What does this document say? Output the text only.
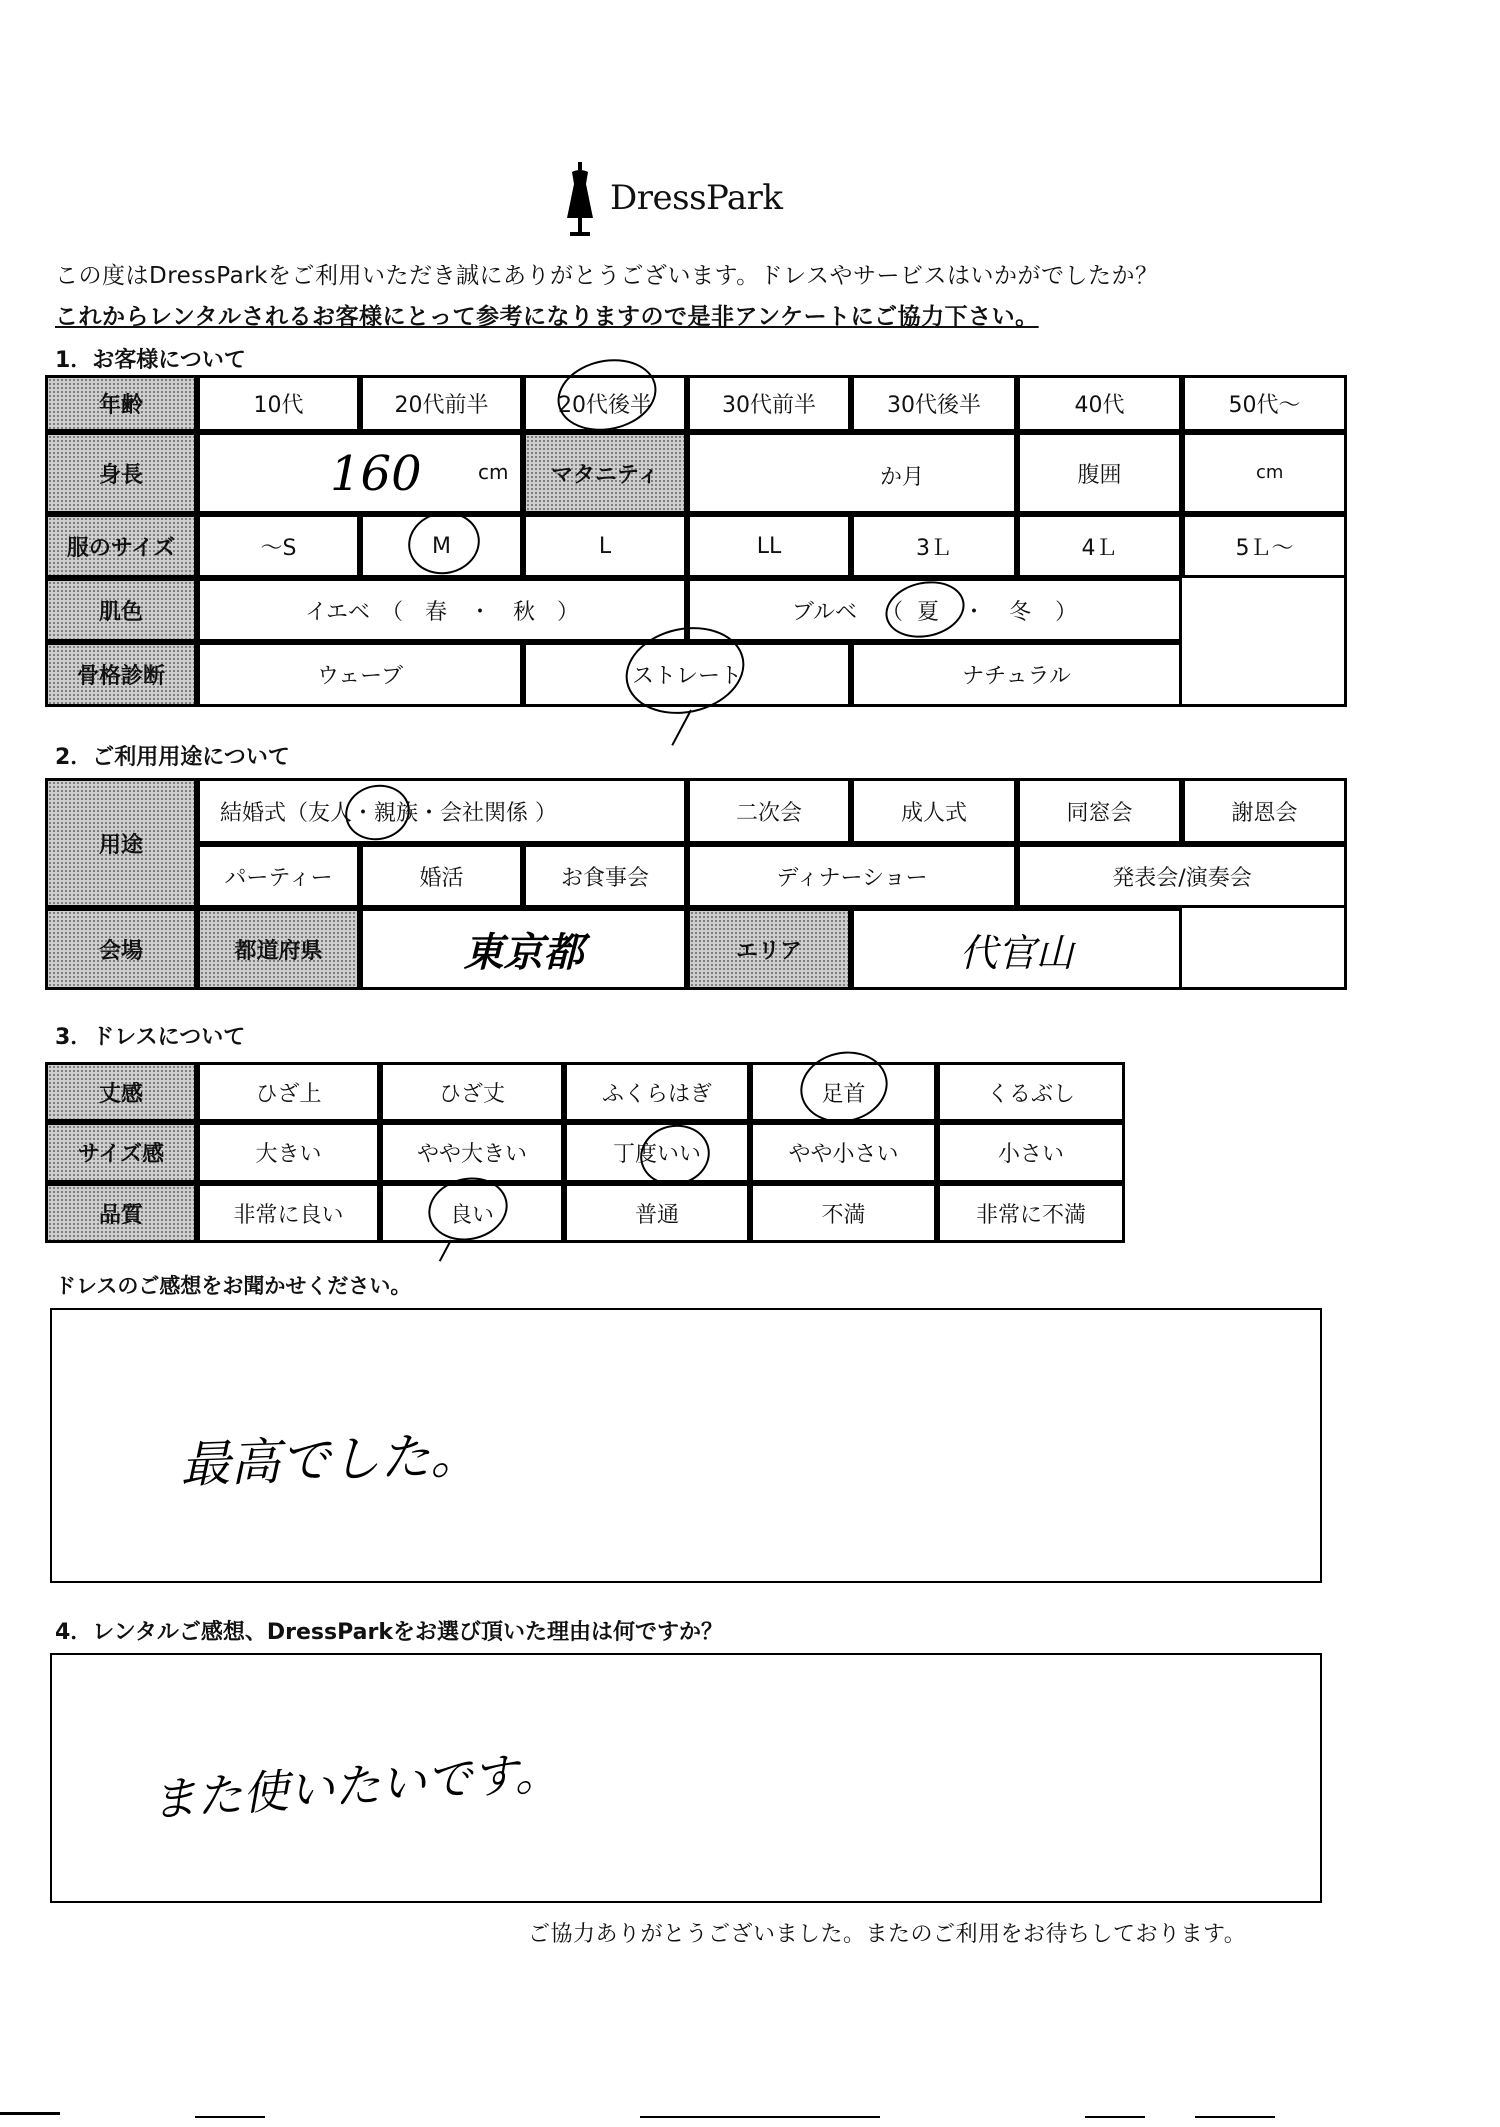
DressPark
この度はDressParkをご利用いただき誠にありがとうございます。ドレスやサービスはいかがでしたか？
これからレンタルされるお客様にとって参考になりますので是非アンケートにご協力下さい。
1．お客様について
年齢	10代	20代前半	20代後半	30代前半	30代後半	40代	50代～
身長	160	cm	マタニティ	か月	腹囲	cm
服のサイズ	～S	M	L	LL	3Ｌ	4Ｌ	5Ｌ～
肌色	イエベ　（　春　・　秋　）	ブルベ （ 夏 ・ 冬 ）
骨格診断	ウェーブ	ストレート	ナチュラル
2．ご利用用途について
用途
結婚式（友人・親族・会社関係 ）	二次会	成人式	同窓会	謝恩会
パーティー	婚活	お食事会	ディナーショー	発表会/演奏会
会場	都道府県	東京都	エリア	代官山
3．ドレスについて
丈感	ひざ上	ひざ丈	ふくらはぎ	足首	くるぶし
サイズ感	大きい	やや大きい	丁度いい	やや小さい	小さい
品質	非常に良い	良い	普通	不満	非常に不満
ドレスのご感想をお聞かせください。
最高でした。
4．レンタルご感想、DressParkをお選び頂いた理由は何ですか？
また使いたいです。
ご協力ありがとうございました。またのご利用をお待ちしております。
